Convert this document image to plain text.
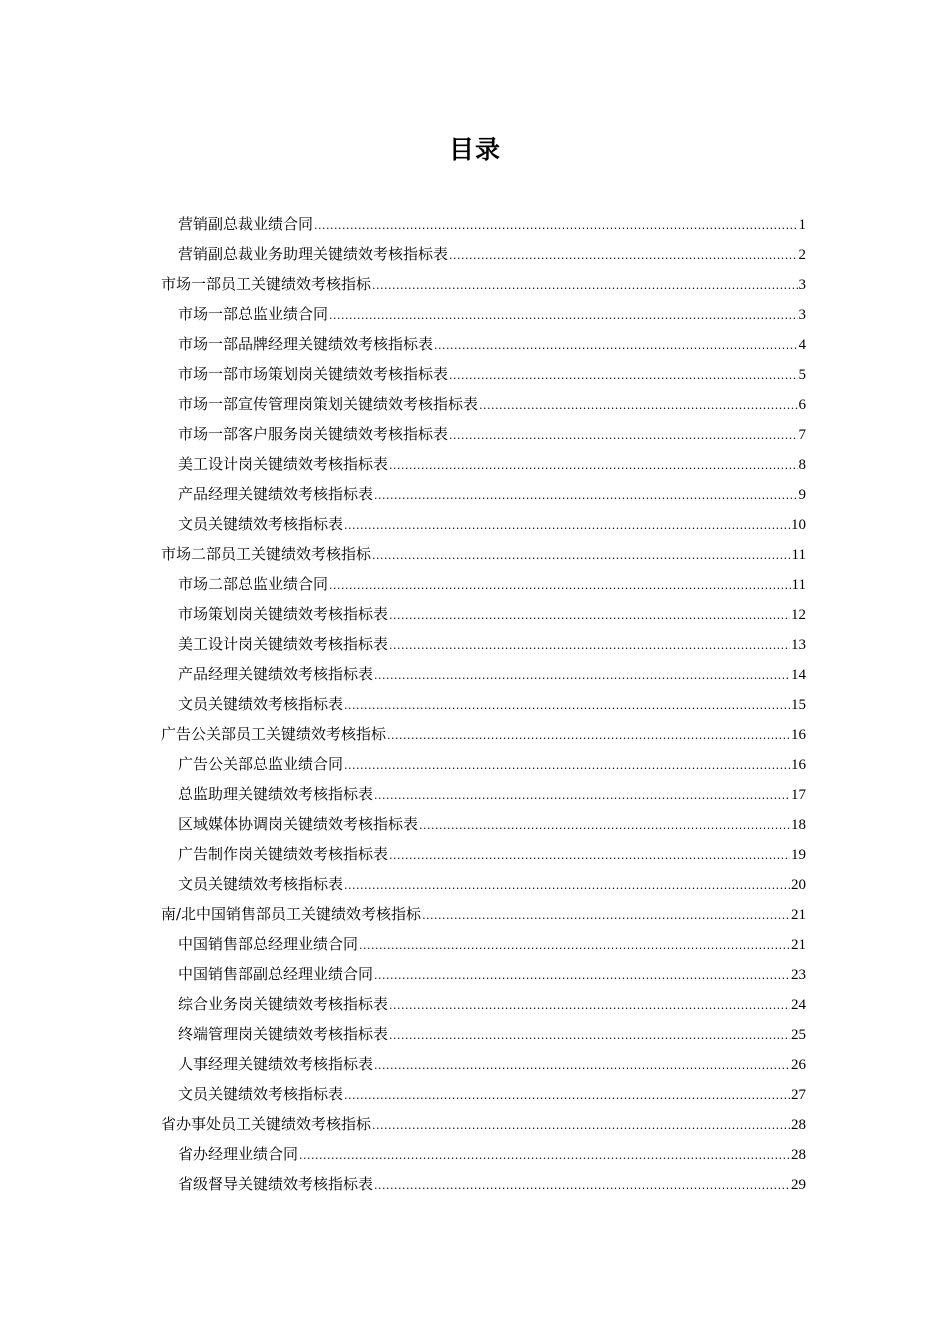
目录
营销副总裁业绩合同 .....	1
营销副总裁业务助理关键绩效考核指标表 .....	2
市场一部员工关键绩效考核指标 .....	3
市场一部总监业绩合同 .....	3
市场一部品牌经理关键绩效考核指标表 .....	4
市场一部市场策划岗关键绩效考核指标表 .....	5
市场一部宣传管理岗策划关键绩效考核指标表 .....	6
市场一部客户服务岗关键绩效考核指标表 .....	7
美工设计岗关键绩效考核指标表 .....	8
产品经理关键绩效考核指标表 .....	9
文员关键绩效考核指标表 .....	10
市场二部员工关键绩效考核指标 .....	11
市场二部总监业绩合同 .....	11
市场策划岗关键绩效考核指标表 .....	12
美工设计岗关键绩效考核指标表 .....	13
产品经理关键绩效考核指标表 .....	14
文员关键绩效考核指标表 .....	15
广告公关部员工关键绩效考核指标 .....	16
广告公关部总监业绩合同 .....	16
总监助理关键绩效考核指标表 .....	17
区域媒体协调岗关键绩效考核指标表 .....	18
广告制作岗关键绩效考核指标表 .....	19
文员关键绩效考核指标表 .....	20
南/北中国销售部员工关键绩效考核指标 .....	21
中国销售部总经理业绩合同 .....	21
中国销售部副总经理业绩合同 .....	23
综合业务岗关键绩效考核指标表 .....	24
终端管理岗关键绩效考核指标表 .....	25
人事经理关键绩效考核指标表 .....	26
文员关键绩效考核指标表 .....	27
省办事处员工关键绩效考核指标 .....	28
省办经理业绩合同 .....	28
省级督导关键绩效考核指标表 .....	29
